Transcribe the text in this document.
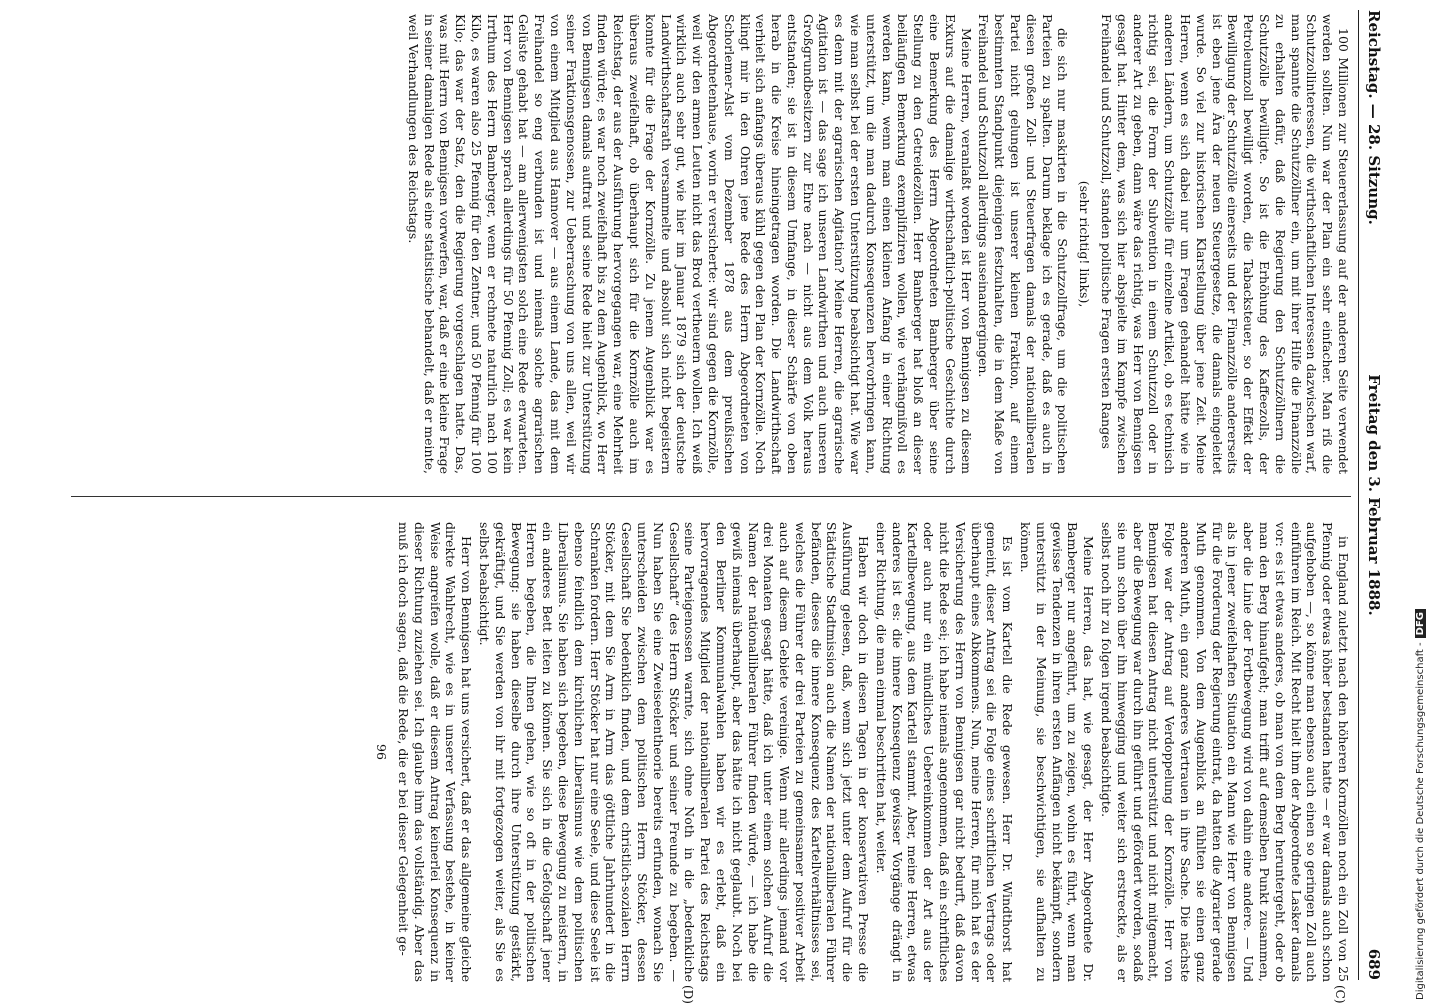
Reichstag. — 28. Sitzung.
Freitag den 3. Februar 1888.
689
(C)
(D)

100 Millionen zur Steuererlassung auf der anderen Seite verwendet werden sollten. Nun war der Plan ein sehr einfacher. Man riß die Schutzzollinteressen, die wirthschaftlichen Interessen dazwischen warf, man spannte die Schutzzöllner ein, um mit ihrer Hilfe die Finanzzölle zu erhalten dafür, daß die Regierung den Schutzzöllnern die Schutzzölle bewilligte. So ist die Erhöhung des Kaffeezolls, der Petroleumzoll bewilligt worden, die Tabacksteuer, so der Effekt der Bewilligung der Schutzzölle einerseits und der Finanzzölle andererseits ist eben jene Ära der neuen Steuergesetze, die damals eingeleitet wurde. So viel zur historischen Klarstellung über jene Zeit. Meine Herren, wenn es sich dabei nur um Fragen gehandelt hätte wie in anderen Ländern, um Schutzzölle für einzelne Artikel, ob es technisch richtig sei, die Form der Subvention in einem Schutzzoll oder in anderer Art zu geben, dann wäre das richtig, was Herr von Bennigsen gesagt hat. Hinter dem, was sich hier abspielte im Kampfe zwischen Freihandel und Schutzzoll, standen politische Fragen ersten Ranges

(sehr richtig! links),

die sich nur maskirten in die Schutzzollfrage, um die politischen Parteien zu spalten. Darum beklage ich es gerade, daß es auch in diesen großen Zoll- und Steuerfragen damals der nationalliberalen Partei nicht gelungen ist unserer kleinen Fraktion, auf einem bestimmten Standpunkt diejenigen festzuhalten, die in dem Maße von Freihandel und Schutzzoll allerdings auseinandergingen.

Meine Herren, veranlaßt worden ist Herr von Bennigsen zu diesem Exkurs auf die damalige wirthschaftlich-politische Geschichte durch eine Bemerkung des Herrn Abgeordneten Bamberger über seine Stellung zu den Getreidezöllen. Herr Bamberger hat bloß an dieser beiläufigen Bemerkung exemplifiziren wollen, wie verhängnißvoll es werden kann, wenn man einen kleinen Anfang in einer Richtung unterstützt, um die man dadurch Konsequenzen hervorbringen kann, wie man selbst bei der ersten Unterstützung beabsichtigt hat. Wie war es denn mit der agrarischen Agitation? Meine Herren, die agrarische Agitation ist — das sage ich unseren Landwirthen und auch unseren Großgrundbesitzern zur Ehre nach — nicht aus dem Volk heraus entstanden; sie ist in diesem Umfange, in dieser Schärfe von oben herab in die Kreise hineingetragen worden. Die Landwirthschaft verhielt sich anfangs überaus kühl gegen den Plan der Kornzölle. Noch klingt mir in den Ohren jene Rede des Herrn Abgeordneten von Schorlemer-Alst vom Dezember 1878 aus dem preußischen Abgeordnetenhause, worin er versicherte: wir sind gegen die Kornzölle, weil wir den armen Leuten nicht das Brod vertheuern wollen. Ich weiß wirklich auch sehr gut, wie hier im Januar 1879 sich der deutsche Landwirthschaftsrath versammelte und absolut sich nicht begeistern konnte für die Frage der Kornzölle. Zu jenem Augenblick war es überaus zweifelhaft, ob überhaupt sich für die Kornzölle auch im Reichstag, der aus der Ausführung hervorgegangen war, eine Mehrheit finden würde; es war noch zweifelhaft bis zu dem Augenblick, wo Herr von Bennigsen damals auftrat und seine Rede hielt zur Unterstützung seiner Fraktionsgenossen, zur Ueberraschung von uns allen, weil wir von einem Mitglied aus Hannover — aus einem Lande, das mit dem Freihandel so eng verbunden ist und niemals solche agrarischen Gelüste gehabt hat — am allerwenigsten solch eine Rede erwarteten. Herr von Bennigsen sprach allerdings für 50 Pfennig Zoll; es war kein Irrthum des Herrn Bamberger, wenn er rechnete naturlich nach 100 Kilo, es waren also 25 Pfennig für den Zentner, und 50 Pfennig für 100 Kilo; das war der Satz, den die Regierung vorgeschlagen hatte. Das, was mit Herrn von Bennigsen vorwerfen, war, daß er eine kleine Frage in seiner damaligen Rede als eine statistische behandelt, daß er meinte, weil Verhandlungen des Reichstags.

in England zuletzt nach den höheren Kornzöllen noch ein Zoll von 25 Pfennig oder etwas höher bestanden hatte — er war damals auch schon aufgehoben —, so könne man ebenso auch einen so geringen Zoll auch einführen im Reich. Mit Recht hielt ihm der Abgeordnete Lasker damals vor: es ist etwas anderes, ob man von dem Berg heruntergeht, oder ob man den Berg hinaufgeht; man trifft auf demselben Punkt zusammen, aber die Linie der Fortbewegung wird von dahin eine andere. — Und als in jener zweifelhaften Situation ein Mann wie Herr von Bennigsen für die Forderung der Regierung eintrat, da hatten die Agrarier gerade Muth genommen. Von dem Augenblick an fühlten sie einen ganz anderen Muth, ein ganz anderes Vertrauen in ihre Sache. Die nächste Folge war der Antrag auf Verdoppelung der Kornzölle. Herr von Bennigsen hat diesen Antrag nicht unterstützt und nicht mitgemacht, aber die Bewegung war durch ihn geführt und gefördert worden, sodaß sie nun schon über ihn hinwegging und weiter sich erstreckte, als er selbst noch ihr zu folgen irgend beabsichtigte.

Meine Herren, das hat, wie gesagt, der Herr Abgeordnete Dr. Bamberger nur angeführt, um zu zeigen, wohin es führt, wenn man gewisse Tendenzen in ihren ersten Anfängen nicht bekämpft, sondern unterstützt in der Meinung, sie beschwichtigen, sie aufhalten zu können.

Es ist vom Kartell die Rede gewesen. Herr Dr. Windthorst hat gemeint, dieser Antrag sei die Folge eines schriftlichen Vertrags oder überhaupt eines Abkommens. Nun, meine Herren, für mich hat es der Versicherung des Herrn von Bennigsen gar nicht bedurft, daß davon nicht die Rede sei; ich habe niemals angenommen, daß ein schriftliches oder auch nur ein mündliches Uebereinkommen der Art aus der Kartellbewegung, aus dem Kartell stammt. Aber, meine Herren, etwas anderes ist es: die innere Konsequenz gewisser Vorgänge drängt in einer Richtung, die man einmal beschritten hat, weiter.

Haben wir doch in diesen Tagen in der konservativen Presse die Ausführung gelesen, daß, wenn sich jetzt unter dem Aufruf für die Städtische Stadtmission auch die Namen der nationalliberalen Führer befänden, dieses die innere Konsequenz des Kartellverhältnisses sei, welches die Führer der drei Parteien zu gemeinsamer positiver Arbeit auch auf diesem Gebiete vereinige. Wenn mir allerdings jemand vor drei Monaten gesagt hätte, daß ich unter einem solchen Aufruf die Namen der nationalliberalen Führer finden würde, — ich habe die gewiß niemals überhaupt, aber das hätte ich nicht geglaubt. Noch bei den Berliner Kommunalwahlen haben wir es erlebt, daß ein hervorragendes Mitglied der nationalliberalen Partei des Reichstags seine Parteigenossen warnte, sich ohne Noth in die „bedenkliche Gesellschaft“ des Herrn Stöcker und seiner Freunde zu begeben. — Nun haben Sie eine Zweiseelentheorie bereits erfunden, wonach Sie unterscheiden zwischen dem politischen Herrn Stöcker, dessen Gesellschaft Sie bedenklich finden, und dem christlich-sozialen Herrn Stöcker, mit dem Sie Arm in Arm das göttliche Jahrhundert in die Schranken fordern. Herr Stöcker hat nur eine Seele, und diese Seele ist ebenso feindlich dem kirchlichen Liberalismus wie dem politischen Liberalismus. Sie haben sich begeben, diese Bewegung zu meistern, in ein anderes Bett leiten zu können. Sie sich in die Gefolgschaft jener Herren begeben, die Ihnen gehen, wie so oft in der politischen Bewegung: sie haben dieselbe durch ihre Unterstützung gestärkt, gekräftigt, und Sie werden von ihr mit fortgezogen weiter, als Sie es selbst beabsichtigt.

Herr von Bennigsen hat uns versichert, daß er das allgemeine gleiche direkte Wahlrecht, wie es in unserer Verfassung bestehe, in keiner Weise angreifen wolle, daß er diesem Antrag keinerlei Konsequenz in dieser Richtung zuziehen sei. Ich glaube ihm das vollständig. Aber das muß ich doch sagen, daß die Rede, die er bei dieser Gelegenheit ge-

96	Digitalisierung gefördert durch die Deutsche Forschungsgemeinschaft -DFG
